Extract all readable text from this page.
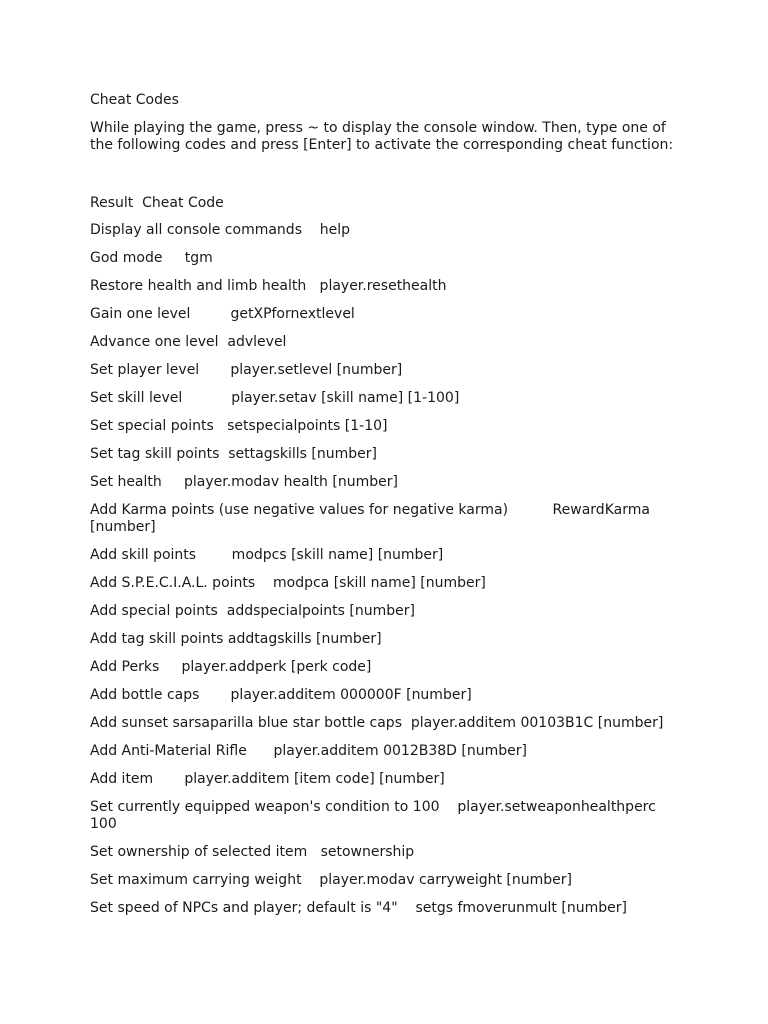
Cheat Codes
While playing the game, press ~ to display the console window. Then, type one of the following codes and press [Enter] to activate the corresponding cheat function:
Result  Cheat Code
Display all console commands    help
God mode     tgm
Restore health and limb health   player.resethealth
Gain one level         getXPfornextlevel
Advance one level  advlevel
Set player level       player.setlevel [number]
Set skill level           player.setav [skill name] [1-100]
Set special points   setspecialpoints [1-10]
Set tag skill points  settagskills [number]
Set health     player.modav health [number]
Add Karma points (use negative values for negative karma)          RewardKarma [number]
Add skill points        modpcs [skill name] [number]
Add S.P.E.C.I.A.L. points    modpca [skill name] [number]
Add special points  addspecialpoints [number]
Add tag skill points addtagskills [number]
Add Perks     player.addperk [perk code]
Add bottle caps       player.additem 000000F [number]
Add sunset sarsaparilla blue star bottle caps  player.additem 00103B1C [number]
Add Anti-Material Rifle      player.additem 0012B38D [number]
Add item       player.additem [item code] [number]
Set currently equipped weapon's condition to 100    player.setweaponhealthperc 100
Set ownership of selected item   setownership
Set maximum carrying weight    player.modav carryweight [number]
Set speed of NPCs and player; default is "4"    setgs fmoverunmult [number]
